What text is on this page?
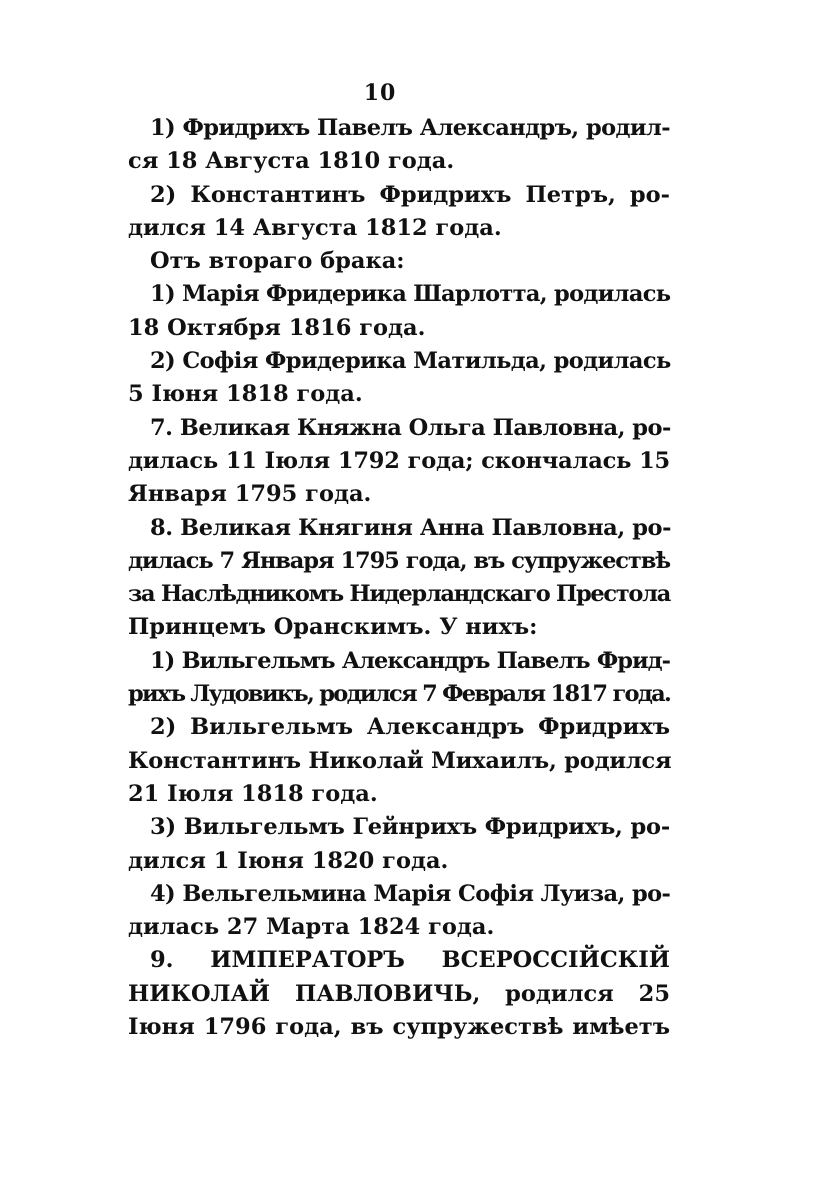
10
1) Фридрихъ Павелъ Александръ, родил-
ся 18 Августа 1810 года.
2) Константинъ Фридрихъ Петръ, ро-
дился 14 Августа 1812 года.
Отъ втораго брака:
1) Марія Фридерика Шарлотта, родилась
18 Октября 1816 года.
2) Софія Фридерика Матильда, родилась
5 Іюня 1818 года.
7. Великая Княжна Ольга Павловна, ро-
дилась 11 Іюля 1792 года; скончалась 15
Января 1795 года.
8. Великая Княгиня Анна Павловна, ро-
дилась 7 Января 1795 года, въ супружествѣ
за Наслѣдникомъ Нидерландскаго Престола
Принцемъ Оранскимъ. У нихъ:
1) Вильгельмъ Александръ Павелъ Фрид-
рихъ Лудовикъ, родился 7 Февраля 1817 года.
2) Вильгельмъ Александръ Фридрихъ
Константинъ Николай Михаилъ, родился
21 Іюля 1818 года.
3) Вильгельмъ Гейнрихъ Фридрихъ, ро-
дился 1 Іюня 1820 года.
4) Вельгельмина Марія Софія Луиза, ро-
дилась 27 Марта 1824 года.
9. ИМПЕРАТОРЪ ВСЕРОССІЙСКІЙ
НИКОЛАЙ ПАВЛОВИЧЬ, родился 25
Іюня 1796 года, въ супружествѣ имѣетъ
